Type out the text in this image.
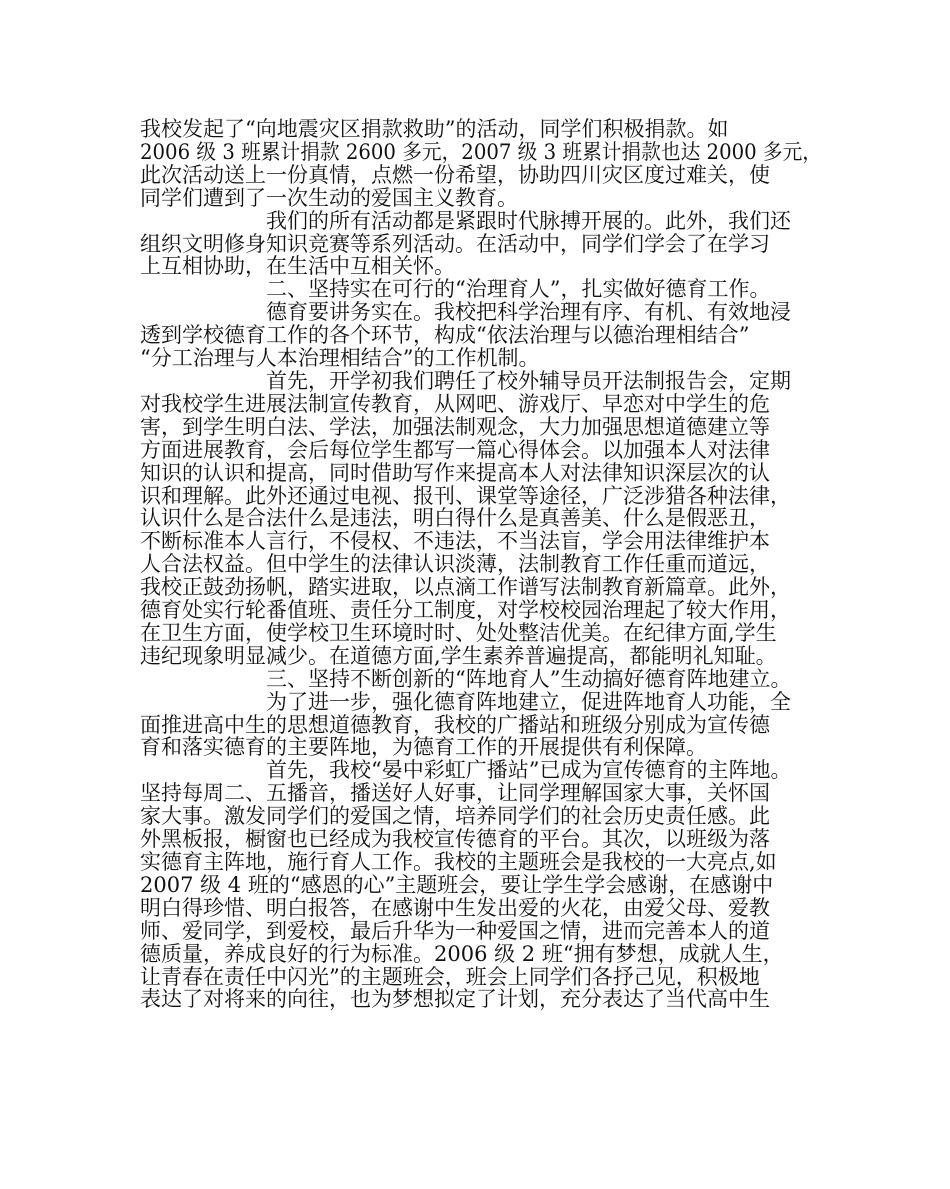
我校发起了“向地震灾区捐款救助”的活动，同学们积极捐款。如
2006 级 3 班累计捐款 2600 多元，2007 级 3 班累计捐款也达 2000 多元，
此次活动送上一份真情，点燃一份希望，协助四川灾区度过难关，使
同学们遭到了一次生动的爱国主义教育。
我们的所有活动都是紧跟时代脉搏开展的。此外，我们还
组织文明修身知识竞赛等系列活动。在活动中，同学们学会了在学习
上互相协助，在生活中互相关怀。
二、坚持实在可行的“治理育人”，扎实做好德育工作。
德育要讲务实在。我校把科学治理有序、有机、有效地浸
透到学校德育工作的各个环节，构成“依法治理与以德治理相结合”
“分工治理与人本治理相结合”的工作机制。
首先，开学初我们聘任了校外辅导员开法制报告会，定期
对我校学生进展法制宣传教育，从网吧、游戏厅、早恋对中学生的危
害，到学生明白法、学法，加强法制观念，大力加强思想道德建立等
方面进展教育，会后每位学生都写一篇心得体会。以加强本人对法律
知识的认识和提高，同时借助写作来提高本人对法律知识深层次的认
识和理解。此外还通过电视、报刊、课堂等途径，广泛涉猎各种法律，
认识什么是合法什么是违法，明白得什么是真善美、什么是假恶丑，
不断标准本人言行，不侵权、不违法，不当法盲，学会用法律维护本
人合法权益。但中学生的法律认识淡薄，法制教育工作任重而道远，
我校正鼓劲扬帆，踏实进取，以点滴工作谱写法制教育新篇章。此外，
德育处实行轮番值班、责任分工制度，对学校校园治理起了较大作用，
在卫生方面，使学校卫生环境时时、处处整洁优美。在纪律方面,学生
违纪现象明显减少。在道德方面,学生素养普遍提高，都能明礼知耻。
三、坚持不断创新的“阵地育人”生动搞好德育阵地建立。
为了进一步，强化德育阵地建立，促进阵地育人功能，全
面推进高中生的思想道德教育，我校的广播站和班级分别成为宣传德
育和落实德育的主要阵地，为德育工作的开展提供有利保障。
首先，我校“晏中彩虹广播站”已成为宣传德育的主阵地。
坚持每周二、五播音，播送好人好事，让同学理解国家大事，关怀国
家大事。激发同学们的爱国之情，培养同学们的社会历史责任感。此
外黑板报，橱窗也已经成为我校宣传德育的平台。其次，以班级为落
实德育主阵地，施行育人工作。我校的主题班会是我校的一大亮点,如
2007 级 4 班的“感恩的心”主题班会，要让学生学会感谢，在感谢中
明白得珍惜、明白报答，在感谢中生发出爱的火花，由爱父母、爱教
师、爱同学，到爱校，最后升华为一种爱国之情，进而完善本人的道
德质量，养成良好的行为标准。2006 级 2 班“拥有梦想，成就人生，
让青春在责任中闪光”的主题班会，班会上同学们各抒己见，积极地
表达了对将来的向往，也为梦想拟定了计划，充分表达了当代高中生
